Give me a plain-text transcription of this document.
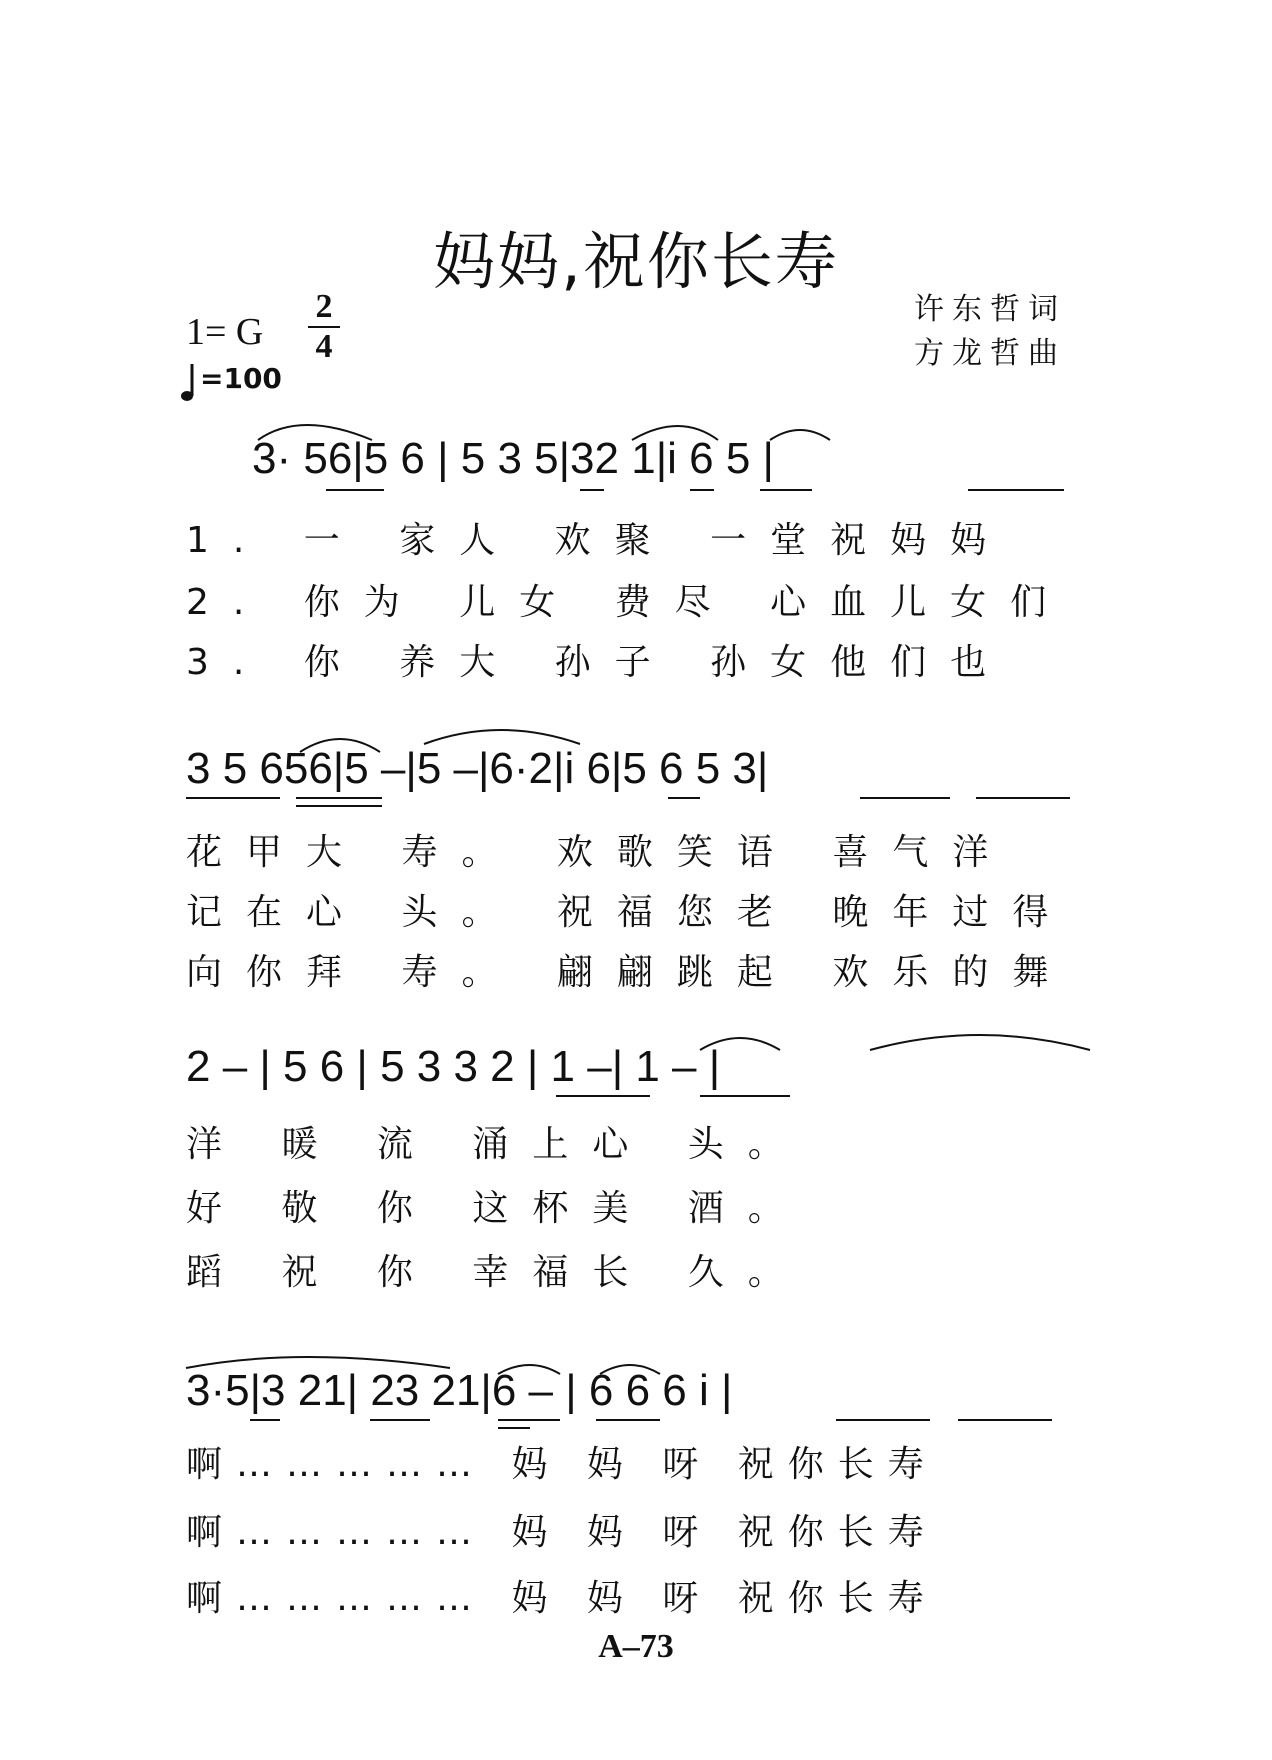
妈妈,祝你长寿
1= G
2
4
=100
许东哲词
方龙哲曲
3· 56|5 6 | 5 3 5|32 1|i 6 5 |
1. 一 家人 欢聚 一堂祝妈妈
2. 你为 儿女 费尽 心血儿女们
3. 你 养大 孙子 孙女他们也
3 5 656|5 –|5 –|6·2|i 6|5 6 5 3|
花甲大 寿。 欢歌笑语 喜气洋
记在心 头。 祝福您老 晚年过得
向你拜 寿。 翩翩跳起 欢乐的舞
2 – | 5 6 | 5 3 3 2 | 1 –| 1 – |
洋 暖 流 涌上心 头。
好 敬 你 这杯美 酒。
蹈 祝 你 幸福长 久。
3·5|3 21| 23 21|6 – | 6 6 6 i |
啊…………… 妈 妈 呀 祝你长寿
啊…………… 妈 妈 呀 祝你长寿
啊…………… 妈 妈 呀 祝你长寿
A–73
